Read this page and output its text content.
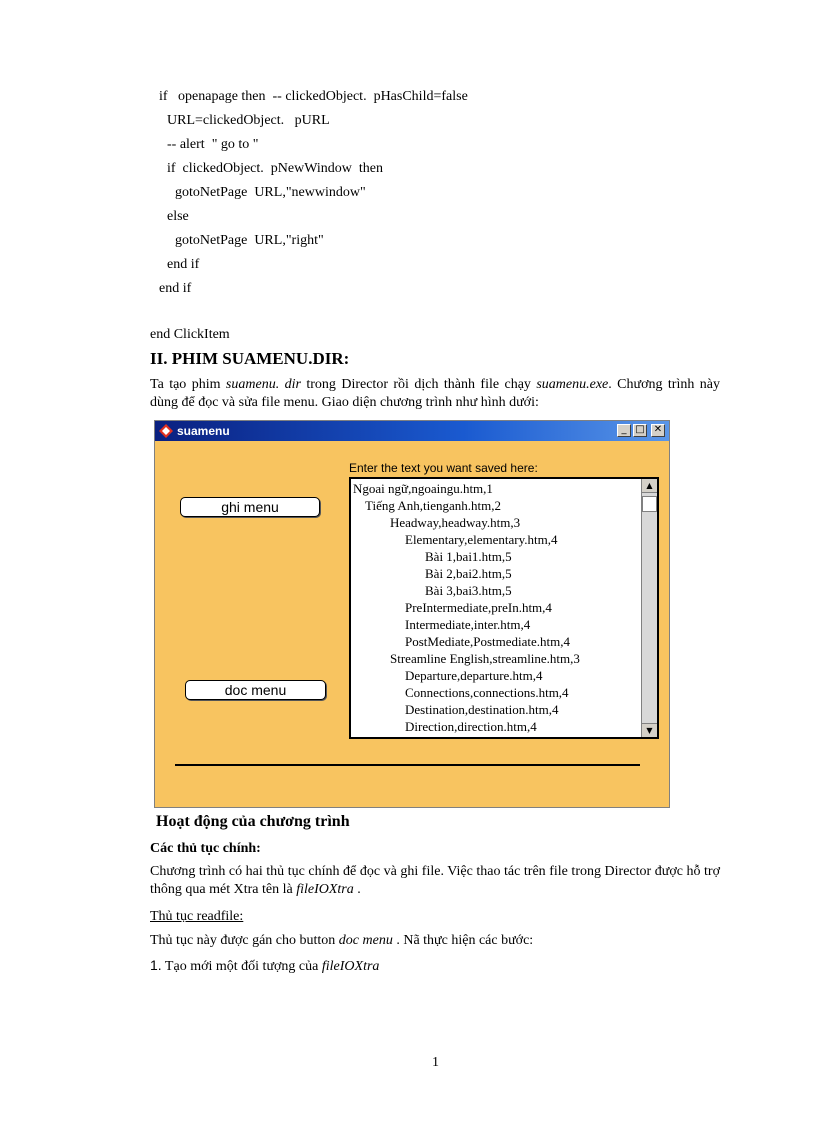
if   openapage then  -- clickedObject.  pHasChild=false
URL=clickedObject.   pURL
-- alert  " go to "
if  clickedObject.  pNewWindow  then
gotoNetPage  URL,"newwindow"
else
gotoNetPage  URL,"right"
end if
end if
end ClickItem
II. PHIM SUAMENU.DIR:
Ta tạo phim suamenu. dir trong Director rồi dịch thành file chạy suamenu.exe. Chương trình này dùng để đọc và sửa file menu. Giao diện chương trình như hình dưới:
suamenu	_ □ ✕
ghi menu
doc menu
Enter the text you want saved here:
Ngoai ngữ,ngoaingu.htm,1
Tiếng Anh,tienganh.htm,2
Headway,headway.htm,3
Elementary,elementary.htm,4
Bài 1,bai1.htm,5
Bài 2,bai2.htm,5
Bài 3,bai3.htm,5
PreIntermediate,preIn.htm,4
Intermediate,inter.htm,4
PostMediate,Postmediate.htm,4
Streamline English,streamline.htm,3
Departure,departure.htm,4
Connections,connections.htm,4
Destination,destination.htm,4
Direction,direction.htm,4
▲
▼
Hoạt động của chương trình
Các thủ tục chính:
Chương trình có hai thủ tục chính để đọc và ghi file. Việc thao tác trên file trong Director được hỗ trợ thông qua mét Xtra tên là fileIOXtra .
Thủ tục readfile:
Thủ tục này được gán cho button doc menu . Nã thực hiện các bước:
1. Tạo mới một đối tượng của fileIOXtra
1
